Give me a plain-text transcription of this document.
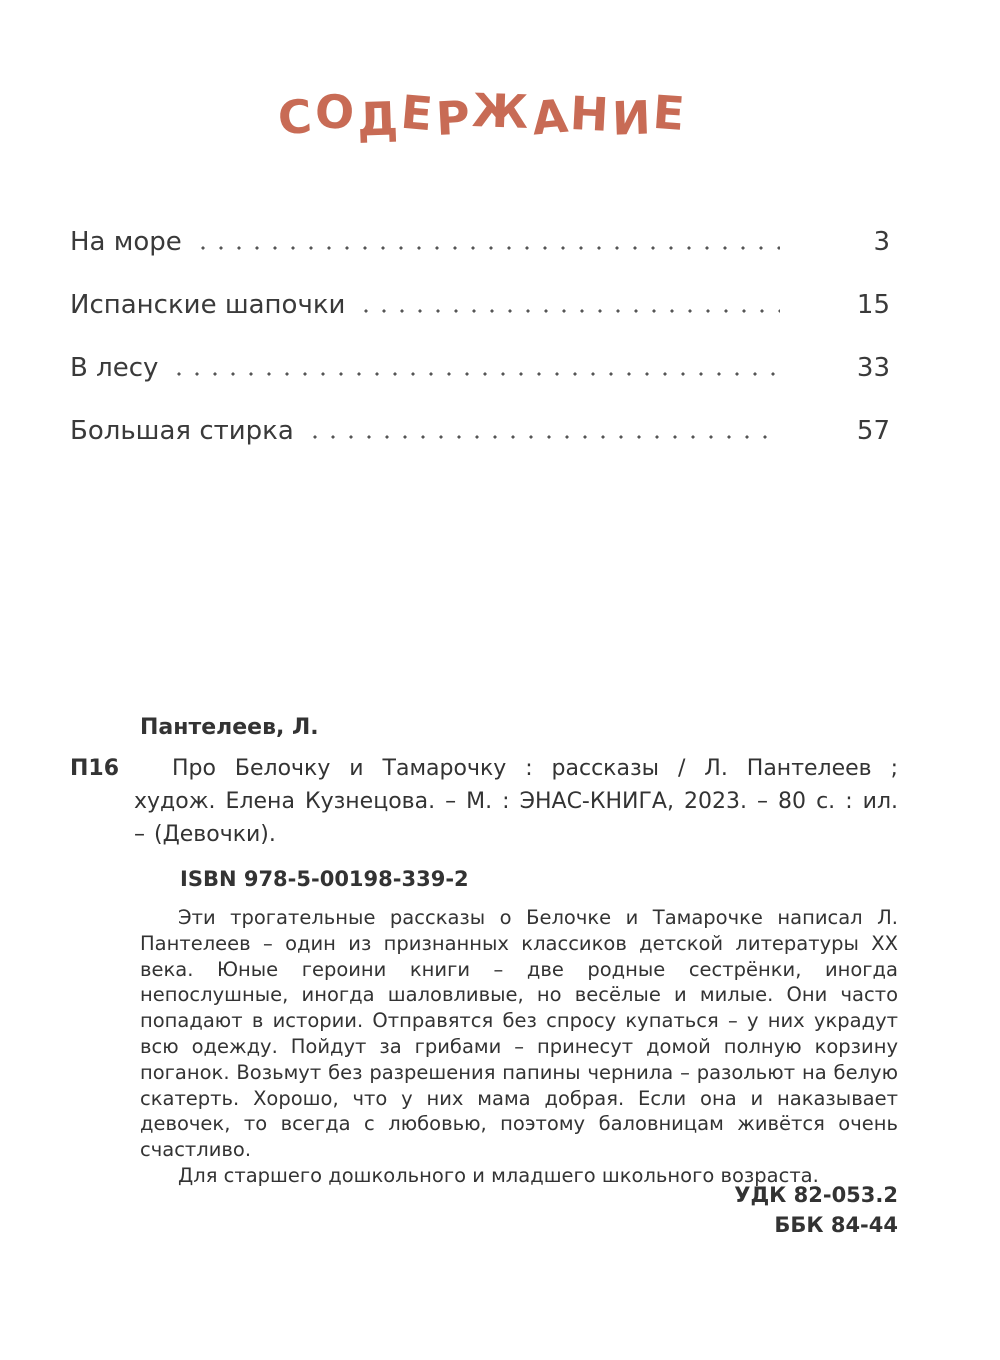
СОДЕРЖАНИЕ
На море	3
Испанские шапочки	15
В лесу	33
Большая стирка	57
Пантелеев, Л.
П16	Про Белочку и Тамарочку : рассказы / Л. Пантелеев ; худож. Елена Кузнецова. – М. : ЭНАС-КНИГА, 2023. – 80 с. : ил. – (Девочки).
ISBN 978-5-00198-339-2

Эти трогательные рассказы о Белочке и Тамарочке написал Л. Пантелеев – один из признанных классиков детской литературы XX века. Юные героини книги – две родные сестрёнки, иногда непослушные, иногда шаловливые, но весёлые и милые. Они часто попадают в истории. Отправятся без спросу купаться – у них украдут всю одежду. Пойдут за грибами – принесут домой полную корзину поганок. Возьмут без разрешения папины чернила – разольют на белую скатерть. Хорошо, что у них мама добрая. Если она и наказывает девочек, то всегда с любовью, поэтому баловницам живётся очень счастливо.

Для старшего дошкольного и младшего школьного возраста.

УДК 82-053.2
ББК 84-44
